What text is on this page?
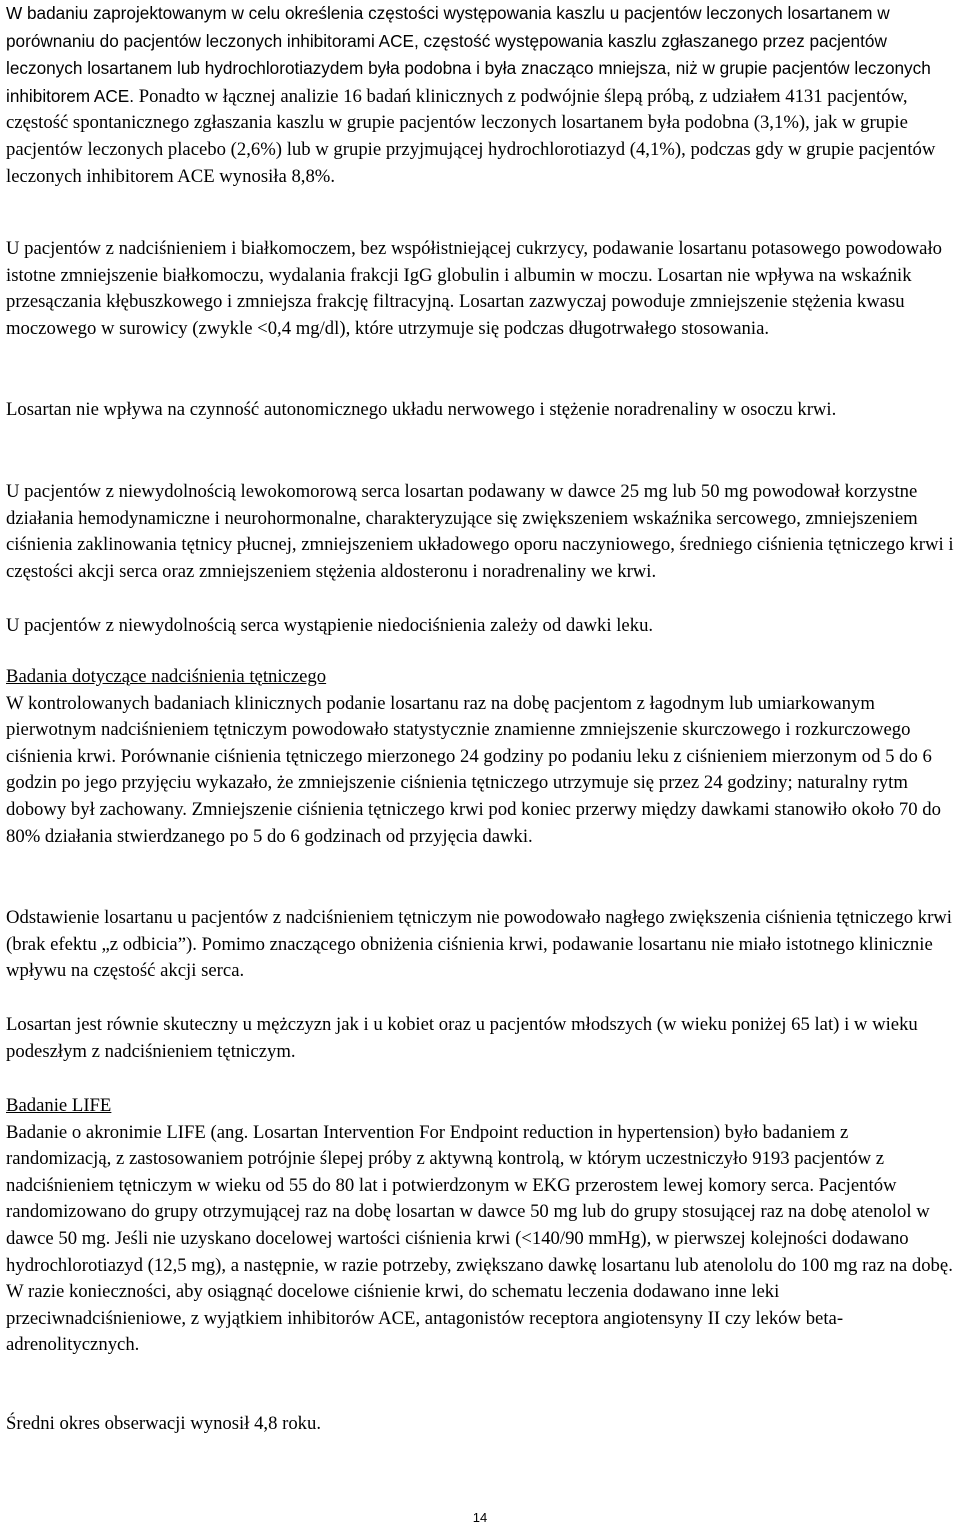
W badaniu zaprojektowanym w celu określenia częstości występowania kaszlu u pacjentów leczonych losartanem w porównaniu do pacjentów leczonych inhibitorami ACE, częstość występowania kaszlu zgłaszanego przez pacjentów leczonych losartanem lub hydrochlorotiazydem była podobna i była znacząco mniejsza, niż w grupie pacjentów leczonych inhibitorem ACE. Ponadto w łącznej analizie 16 badań klinicznych z podwójnie ślepą próbą, z udziałem 4131 pacjentów, częstość spontanicznego zgłaszania kaszlu w grupie pacjentów leczonych losartanem była podobna (3,1%), jak w grupie pacjentów leczonych placebo (2,6%) lub w grupie przyjmującej hydrochlorotiazyd (4,1%), podczas gdy w grupie pacjentów leczonych inhibitorem ACE wynosiła 8,8%.

U pacjentów z nadciśnieniem i białkomoczem, bez współistniejącej cukrzycy, podawanie losartanu potasowego powodowało istotne zmniejszenie białkomoczu, wydalania frakcji IgG globulin i albumin w moczu. Losartan nie wpływa na wskaźnik przesączania kłębuszkowego i zmniejsza frakcję filtracyjną. Losartan zazwyczaj powoduje zmniejszenie stężenia kwasu moczowego w surowicy (zwykle <0,4 mg/dl), które utrzymuje się podczas długotrwałego stosowania.

Losartan nie wpływa na czynność autonomicznego układu nerwowego i stężenie noradrenaliny w osoczu krwi.

U pacjentów z niewydolnością lewokomorową serca losartan podawany w dawce 25 mg lub 50 mg powodował korzystne działania hemodynamiczne i neurohormonalne, charakteryzujące się zwiększeniem wskaźnika sercowego, zmniejszeniem ciśnienia zaklinowania tętnicy płucnej, zmniejszeniem układowego oporu naczyniowego, średniego ciśnienia tętniczego krwi i częstości akcji serca oraz zmniejszeniem stężenia aldosteronu i noradrenaliny we krwi.

U pacjentów z niewydolnością serca wystąpienie niedociśnienia zależy od dawki leku.

Badania dotyczące nadciśnienia tętniczego
W kontrolowanych badaniach klinicznych podanie losartanu raz na dobę pacjentom z łagodnym lub umiarkowanym pierwotnym nadciśnieniem tętniczym powodowało statystycznie znamienne zmniejszenie skurczowego i rozkurczowego ciśnienia krwi. Porównanie ciśnienia tętniczego mierzonego 24 godziny po podaniu leku z ciśnieniem mierzonym od 5 do 6 godzin po jego przyjęciu wykazało, że zmniejszenie ciśnienia tętniczego utrzymuje się przez 24 godziny; naturalny rytm dobowy był zachowany. Zmniejszenie ciśnienia tętniczego krwi pod koniec przerwy między dawkami stanowiło około 70 do 80% działania stwierdzanego po 5 do 6 godzinach od przyjęcia dawki.

Odstawienie losartanu u pacjentów z nadciśnieniem tętniczym nie powodowało nagłego zwiększenia ciśnienia tętniczego krwi (brak efektu „z odbicia”). Pomimo znaczącego obniżenia ciśnienia krwi, podawanie losartanu nie miało istotnego klinicznie wpływu na częstość akcji serca.

Losartan jest równie skuteczny u mężczyzn jak i u kobiet oraz u pacjentów młodszych (w wieku poniżej 65 lat) i w wieku podeszłym z nadciśnieniem tętniczym.

Badanie LIFE
Badanie o akronimie LIFE (ang. Losartan Intervention For Endpoint reduction in hypertension) było badaniem z randomizacją, z zastosowaniem potrójnie ślepej próby z aktywną kontrolą, w którym uczestniczyło 9193 pacjentów z nadciśnieniem tętniczym w wieku od 55 do 80 lat i potwierdzonym w EKG przerostem lewej komory serca. Pacjentów randomizowano do grupy otrzymującej raz na dobę losartan w dawce 50 mg lub do grupy stosującej raz na dobę atenolol w dawce 50 mg. Jeśli nie uzyskano docelowej wartości ciśnienia krwi (<140/90 mmHg), w pierwszej kolejności dodawano hydrochlorotiazyd (12,5 mg), a następnie, w razie potrzeby, zwiększano dawkę losartanu lub atenololu do 100 mg raz na dobę. W razie konieczności, aby osiągnąć docelowe ciśnienie krwi, do schematu leczenia dodawano inne leki przeciwnadciśnieniowe, z wyjątkiem inhibitorów ACE, antagonistów receptora angiotensyny II czy leków beta-adrenolitycznych.

Średni okres obserwacji wynosił 4,8 roku.

14
